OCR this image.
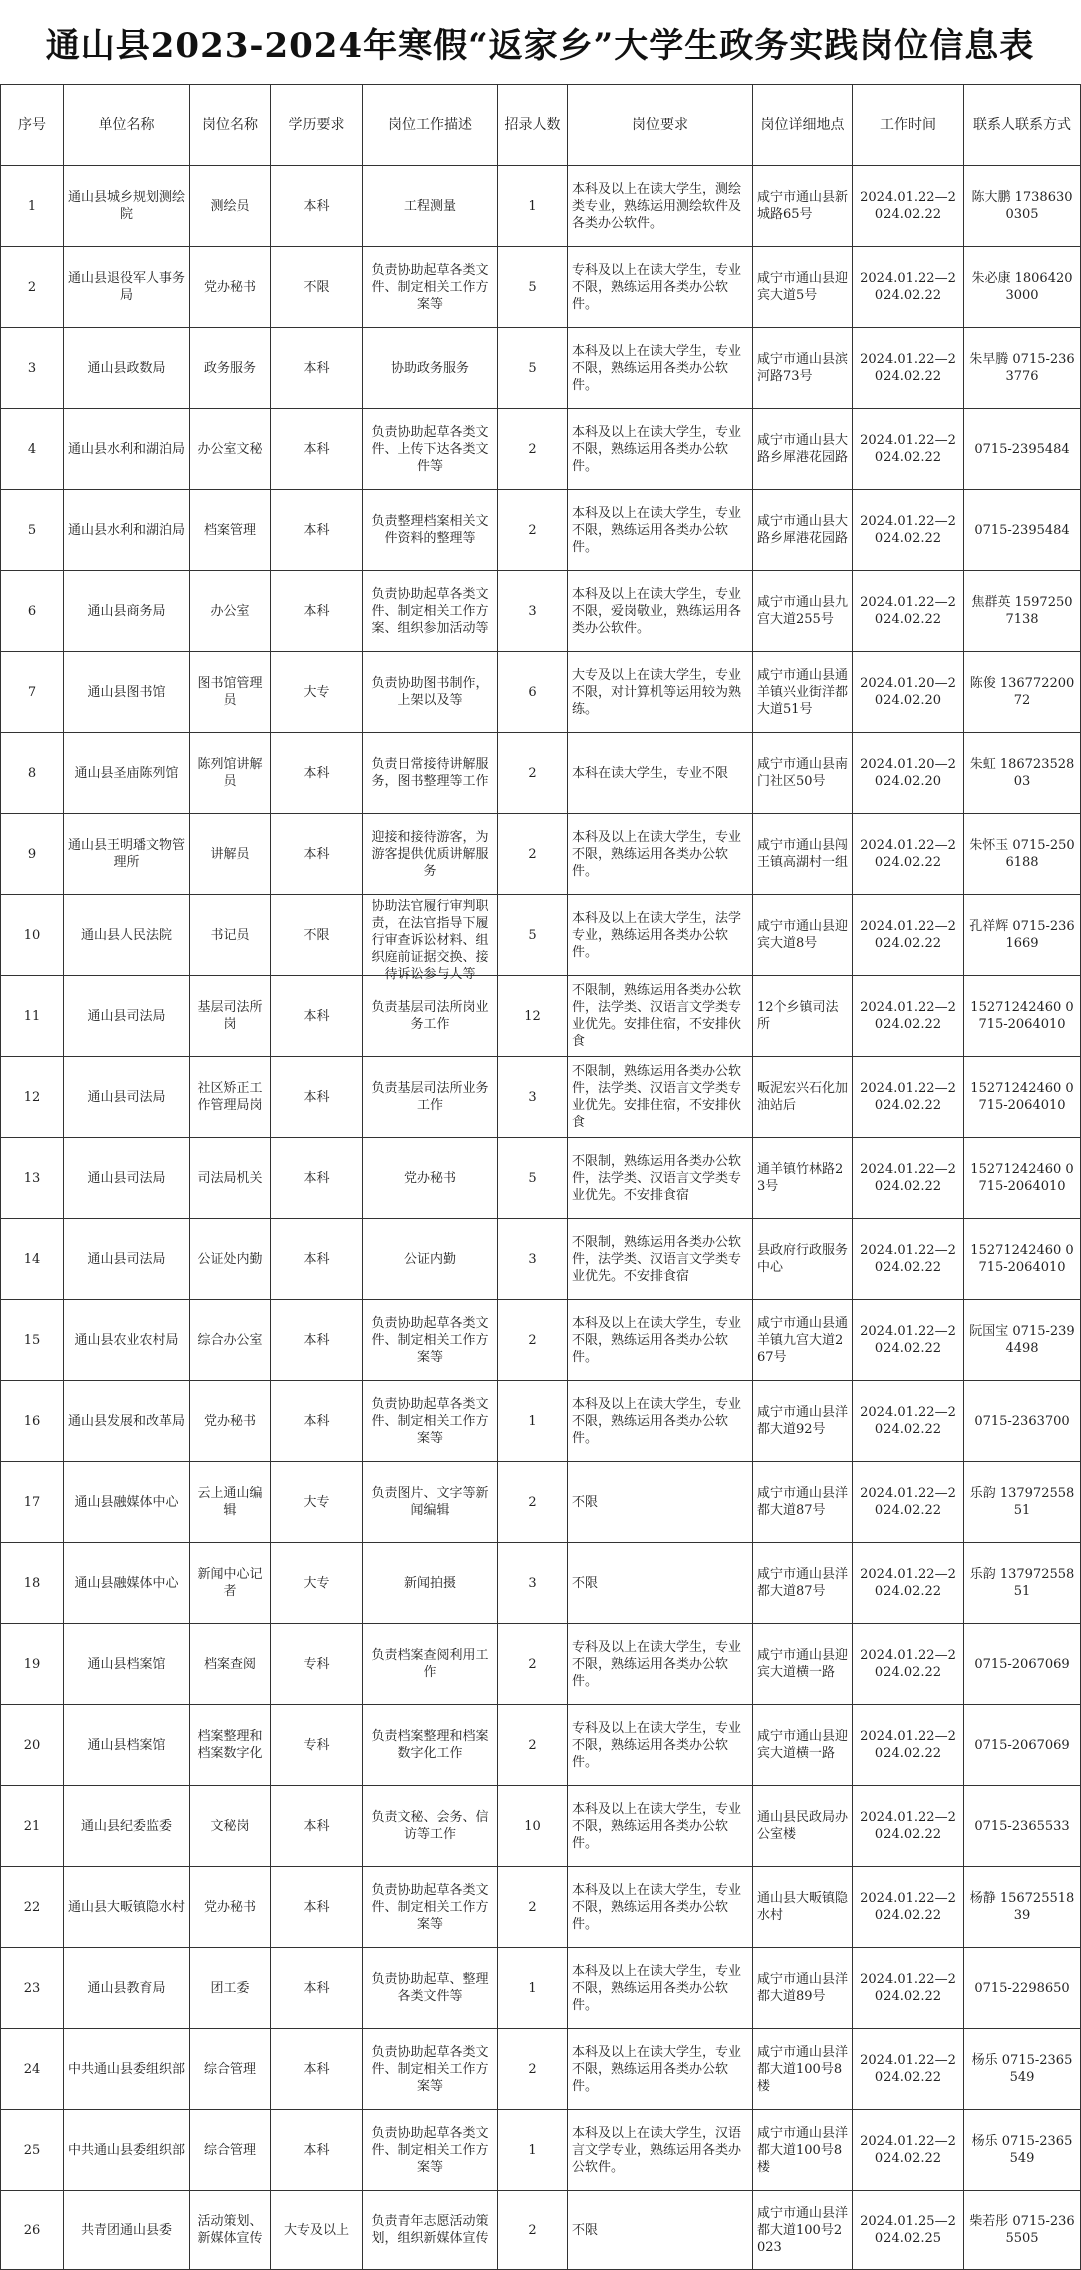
通山县2023-2024年寒假“返家乡”大学生政务实践岗位信息表
序号	单位名称	岗位名称	学历要求	岗位工作描述	招录人数	岗位要求	岗位详细地点	工作时间	联系人联系方式

1	通山县城乡规划测绘院	测绘员	本科	工程测量	1	本科及以上在读大学生，测绘类专业，熟练运用测绘软件及各类办公软件。	咸宁市通山县新城路65号	2024.01.22—2024.02.22	陈大鹏 17386300305

2	通山县退役军人事务局	党办秘书	不限	负责协助起草各类文件、制定相关工作方案等	5	专科及以上在读大学生，专业不限，熟练运用各类办公软件。	咸宁市通山县迎宾大道5号	2024.01.22—2024.02.22	朱必康 18064203000

3	通山县政数局	政务服务	本科	协助政务服务	5	本科及以上在读大学生，专业不限，熟练运用各类办公软件。	咸宁市通山县滨河路73号	2024.01.22—2024.02.22	朱早腾 0715-2363776

4	通山县水利和湖泊局	办公室文秘	本科	负责协助起草各类文件、上传下达各类文件等	2	本科及以上在读大学生，专业不限，熟练运用各类办公软件。	咸宁市通山县大路乡犀港花园路	2024.01.22—2024.02.22	0715-2395484

5	通山县水利和湖泊局	档案管理	本科	负责整理档案相关文件资料的整理等	2	本科及以上在读大学生，专业不限，熟练运用各类办公软件。	咸宁市通山县大路乡犀港花园路	2024.01.22—2024.02.22	0715-2395484

6	通山县商务局	办公室	本科	负责协助起草各类文件、制定相关工作方案、组织参加活动等	3	本科及以上在读大学生，专业不限，爱岗敬业，熟练运用各类办公软件。	咸宁市通山县九宫大道255号	2024.01.22—2024.02.22	焦群英 15972507138

7	通山县图书馆	图书馆管理员	大专	负责协助图书制作，上架以及等	6	大专及以上在读大学生，专业不限，对计算机等运用较为熟练。	咸宁市通山县通羊镇兴业街洋都大道51号	2024.01.20—2024.02.20	陈俊 13677220072

8	通山县圣庙陈列馆	陈列馆讲解员	本科	负责日常接待讲解服务，图书整理等工作	2	本科在读大学生，专业不限	咸宁市通山县南门社区50号	2024.01.20—2024.02.20	朱虹 18672352803

9	通山县王明璠文物管理所	讲解员	本科	迎接和接待游客，为游客提供优质讲解服务	2	本科及以上在读大学生，专业不限，熟练运用各类办公软件。	咸宁市通山县闯王镇高湖村一组	2024.01.22—2024.02.22	朱怀玉 0715-2506188

10	通山县人民法院	书记员	不限	协助法官履行审判职责，在法官指导下履行审查诉讼材料、组织庭前证据交换、接待诉讼参与人等	5	本科及以上在读大学生，法学专业，熟练运用各类办公软件。	咸宁市通山县迎宾大道8号	2024.01.22—2024.02.22	孔祥辉 0715-2361669

11	通山县司法局	基层司法所岗	本科	负责基层司法所岗业务工作	12	不限制，熟练运用各类办公软件，法学类、汉语言文学类专业优先。安排住宿，不安排伙食	12个乡镇司法所	2024.01.22—2024.02.22	15271242460 0715-2064010

12	通山县司法局	社区矫正工作管理局岗	本科	负责基层司法所业务工作	3	不限制，熟练运用各类办公软件，法学类、汉语言文学类专业优先。安排住宿，不安排伙食	畈泥宏兴石化加油站后	2024.01.22—2024.02.22	15271242460 0715-2064010

13	通山县司法局	司法局机关	本科	党办秘书	5	不限制，熟练运用各类办公软件，法学类、汉语言文学类专业优先。不安排食宿	通羊镇竹林路23号	2024.01.22—2024.02.22	15271242460 0715-2064010

14	通山县司法局	公证处内勤	本科	公证内勤	3	不限制，熟练运用各类办公软件，法学类、汉语言文学类专业优先。不安排食宿	县政府行政服务中心	2024.01.22—2024.02.22	15271242460 0715-2064010

15	通山县农业农村局	综合办公室	本科	负责协助起草各类文件、制定相关工作方案等	2	本科及以上在读大学生，专业不限，熟练运用各类办公软件。	咸宁市通山县通羊镇九宫大道267号	2024.01.22—2024.02.22	阮国宝 0715-2394498

16	通山县发展和改革局	党办秘书	本科	负责协助起草各类文件、制定相关工作方案等	1	本科及以上在读大学生，专业不限，熟练运用各类办公软件。	咸宁市通山县洋都大道92号	2024.01.22—2024.02.22	0715-2363700

17	通山县融媒体中心	云上通山编辑	大专	负责图片、文字等新闻编辑	2	不限	咸宁市通山县洋都大道87号	2024.01.22—2024.02.22	乐韵 13797255851

18	通山县融媒体中心	新闻中心记者	大专	新闻拍摄	3	不限	咸宁市通山县洋都大道87号	2024.01.22—2024.02.22	乐韵 13797255851

19	通山县档案馆	档案查阅	专科	负责档案查阅利用工作	2	专科及以上在读大学生，专业不限，熟练运用各类办公软件。	咸宁市通山县迎宾大道横一路	2024.01.22—2024.02.22	0715-2067069

20	通山县档案馆	档案整理和档案数字化	专科	负责档案整理和档案数字化工作	2	专科及以上在读大学生，专业不限，熟练运用各类办公软件。	咸宁市通山县迎宾大道横一路	2024.01.22—2024.02.22	0715-2067069

21	通山县纪委监委	文秘岗	本科	负责文秘、会务、信访等工作	10	本科及以上在读大学生，专业不限，熟练运用各类办公软件。	通山县民政局办公室楼	2024.01.22—2024.02.22	0715-2365533

22	通山县大畈镇隐水村	党办秘书	本科	负责协助起草各类文件、制定相关工作方案等	2	本科及以上在读大学生，专业不限，熟练运用各类办公软件。	通山县大畈镇隐水村	2024.01.22—2024.02.22	杨静 15672551839

23	通山县教育局	团工委	本科	负责协助起草、整理各类文件等	1	本科及以上在读大学生，专业不限，熟练运用各类办公软件。	咸宁市通山县洋都大道89号	2024.01.22—2024.02.22	0715-2298650

24	中共通山县委组织部	综合管理	本科	负责协助起草各类文件、制定相关工作方案等	2	本科及以上在读大学生，专业不限，熟练运用各类办公软件。	咸宁市通山县洋都大道100号8楼	2024.01.22—2024.02.22	杨乐 0715-2365549

25	中共通山县委组织部	综合管理	本科	负责协助起草各类文件、制定相关工作方案等	1	本科及以上在读大学生，汉语言文学专业，熟练运用各类办公软件。	咸宁市通山县洋都大道100号8楼	2024.01.22—2024.02.22	杨乐 0715-2365549

26	共青团通山县委	活动策划、新媒体宣传	大专及以上	负责青年志愿活动策划，组织新媒体宣传	2	不限	咸宁市通山县洋都大道100号2023	2024.01.25—2024.02.25	柴若彤 0715-2365505
